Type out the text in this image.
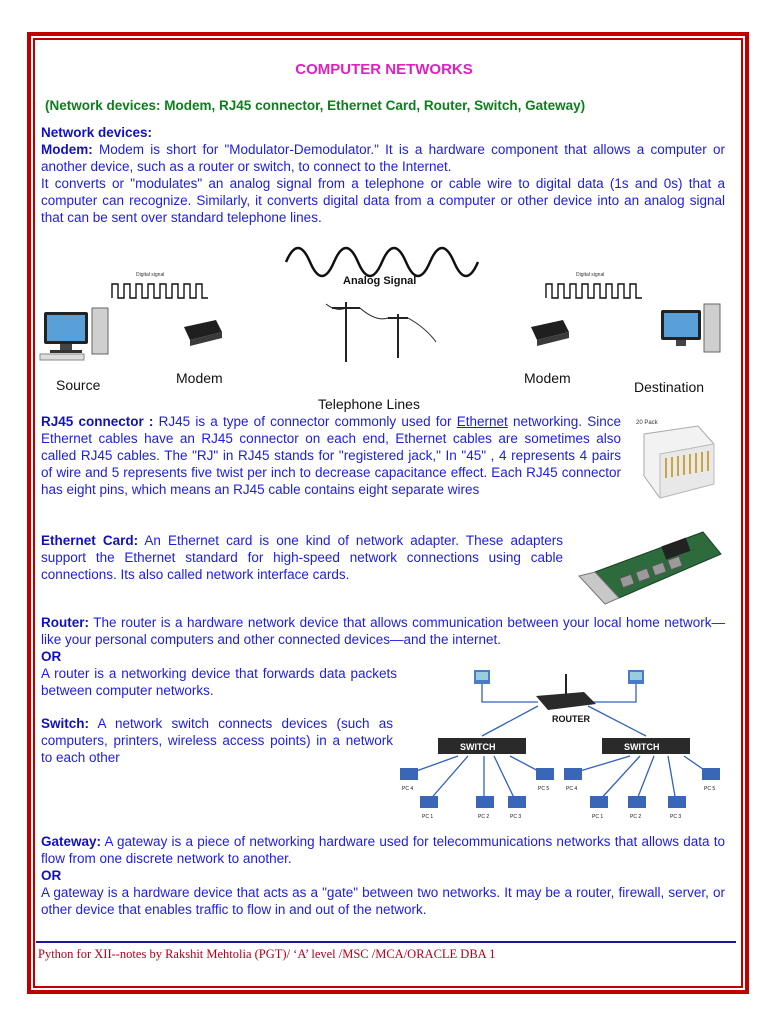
COMPUTER NETWORKS
(Network devices: Modem, RJ45 connector, Ethernet Card, Router, Switch, Gateway)
Network devices:
Modem: Modem is short for "Modulator-Demodulator." It is a hardware component that allows a computer or another device, such as a router or switch, to connect to the Internet.
It converts or "modulates" an analog signal from a telephone or cable wire to digital data (1s and 0s) that a computer can recognize. Similarly, it converts digital data from a computer or other device into an analog signal that can be sent over standard telephone lines.
Analog Signal
Digital signal	Digital signal
Source	Modem	Modem
Destination
Telephone Lines
RJ45 connector : RJ45 is a type of connector commonly used for Ethernet networking. Since Ethernet cables have an RJ45 connector on each end, Ethernet cables are sometimes also called RJ45 cables. The "RJ" in RJ45 stands for "registered jack," In "45" , 4 represents 4 pairs of wire and 5 represents five twist per inch to decrease capacitance effect. Each RJ45 connector has eight pins, which means an RJ45 cable contains eight separate wires
20 Pack
Ethernet Card: An Ethernet card is one kind of network adapter. These adapters support the Ethernet standard for high-speed network connections using cable connections. Its also called network interface cards.
Router: The router is a hardware network device that allows communication between your local home network—like your personal computers and other connected devices—and the internet.
OR
A router is a networking device that forwards data packets between computer networks.
Switch: A network switch connects devices (such as computers, printers, wireless access points) in a network to each other
ROUTER
SWITCH	SWITCH
PC 4	PC 5
PC 1	PC 2	PC 3
PC 4	PC 5
PC 1	PC 2	PC 3
Gateway: A gateway is a piece of networking hardware used for telecommunications networks that allows data to flow from one discrete network to another.
OR
A gateway is a hardware device that acts as a "gate" between two networks. It may be a router, firewall, server, or other device that enables traffic to flow in and out of the network.
Python for XII--notes by Rakshit Mehtolia (PGT)/ ‘A’ level /MSC /MCA/ORACLE DBA 1
